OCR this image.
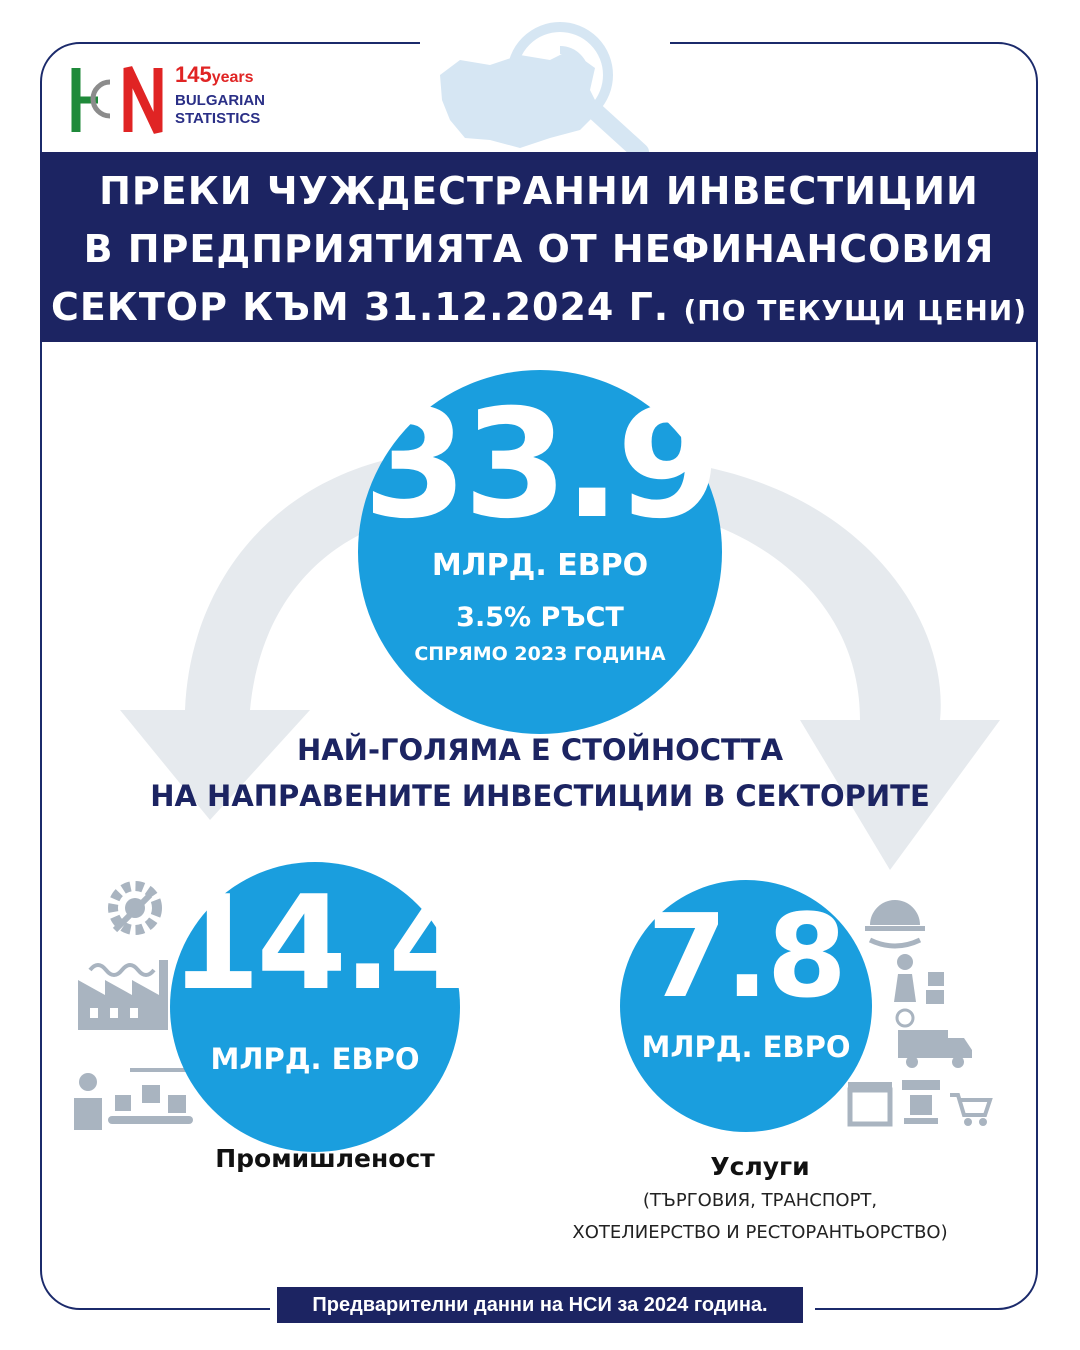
145years
BULGARIAN
STATISTICS
ПРЕКИ ЧУЖДЕСТРАННИ ИНВЕСТИЦИИ
В ПРЕДПРИЯТИЯТА ОТ НЕФИНАНСОВИЯ
СЕКТОР КЪМ 31.12.2024 Г. (ПО ТЕКУЩИ ЦЕНИ)
33.9
МЛРД. ЕВРО
3.5% РЪСТ
СПРЯМО 2023 ГОДИНА
НАЙ-ГОЛЯМА Е СТОЙНОСТТА
НА НАПРАВЕНИТЕ ИНВЕСТИЦИИ В СЕКТОРИТЕ
14.4
МЛРД. ЕВРО
Промишленост
7.8
МЛРД. ЕВРО
Услуги
(ТЪРГОВИЯ, ТРАНСПОРТ,
ХОТЕЛИЕРСТВО И РЕСТОРАНТЬОРСТВО)
Предварителни данни на НСИ за 2024 година.
